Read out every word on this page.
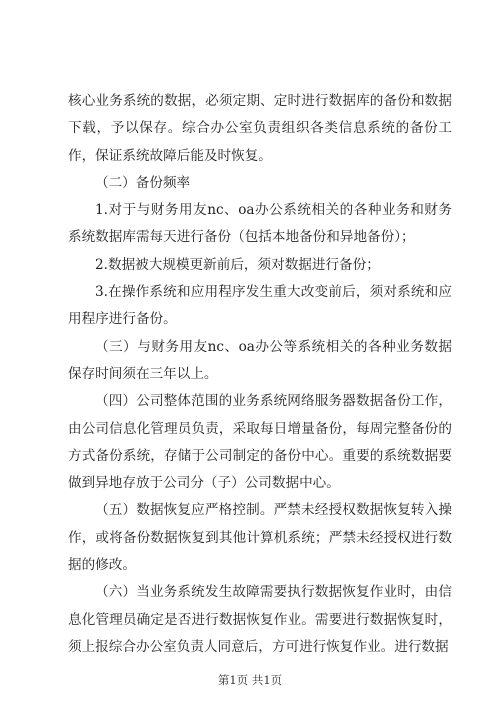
核心业务系统的数据，必须定期、定时进行数据库的备份和数据下载，予以保存。综合办公室负责组织各类信息系统的备份工作，保证系统故障后能及时恢复。

（二）备份频率

1.对于与财务用友nc、oa办公系统相关的各种业务和财务系统数据库需每天进行备份（包括本地备份和异地备份）；

2.数据被大规模更新前后，须对数据进行备份；

3.在操作系统和应用程序发生重大改变前后，须对系统和应用程序进行备份。

（三）与财务用友nc、oa办公等系统相关的各种业务数据保存时间须在三年以上。

（四）公司整体范围的业务系统网络服务器数据备份工作，由公司信息化管理员负责，采取每日增量备份，每周完整备份的方式备份系统，存储于公司制定的备份中心。重要的系统数据要做到异地存放于公司分（子）公司数据中心。

（五）数据恢复应严格控制。严禁未经授权数据恢复转入操作，或将备份数据恢复到其他计算机系统；严禁未经授权进行数据的修改。

（六）当业务系统发生故障需要执行数据恢复作业时，由信息化管理员确定是否进行数据恢复作业。需要进行数据恢复时，须上报综合办公室负责人同意后，方可进行恢复作业。进行数据

第1页 共1页
